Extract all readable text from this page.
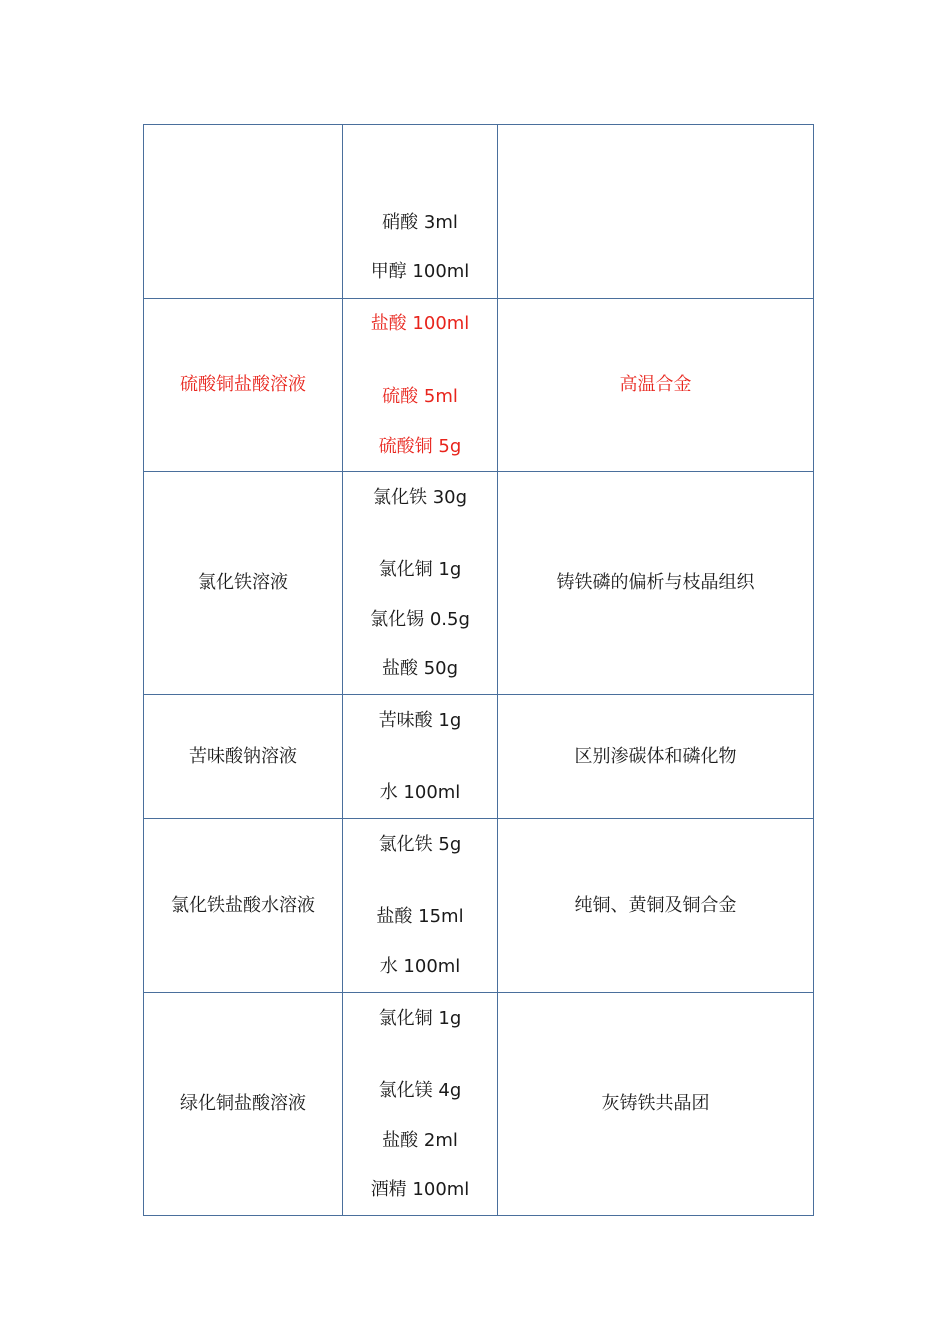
	硝酸 3ml
甲醇 100ml	

硫酸铜盐酸溶液	盐酸 100ml
硫酸 5ml
硫酸铜 5g	高温合金
氯化铁溶液	氯化铁 30g
氯化铜 1g
氯化锡 0.5g
盐酸 50g	铸铁磷的偏析与枝晶组织
苦味酸钠溶液	苦味酸 1g
水 100ml	区别渗碳体和磷化物
氯化铁盐酸水溶液	氯化铁 5g
盐酸 15ml
水 100ml	纯铜、黄铜及铜合金
绿化铜盐酸溶液	氯化铜 1g
氯化镁 4g
盐酸 2ml
酒精 100ml	灰铸铁共晶团
